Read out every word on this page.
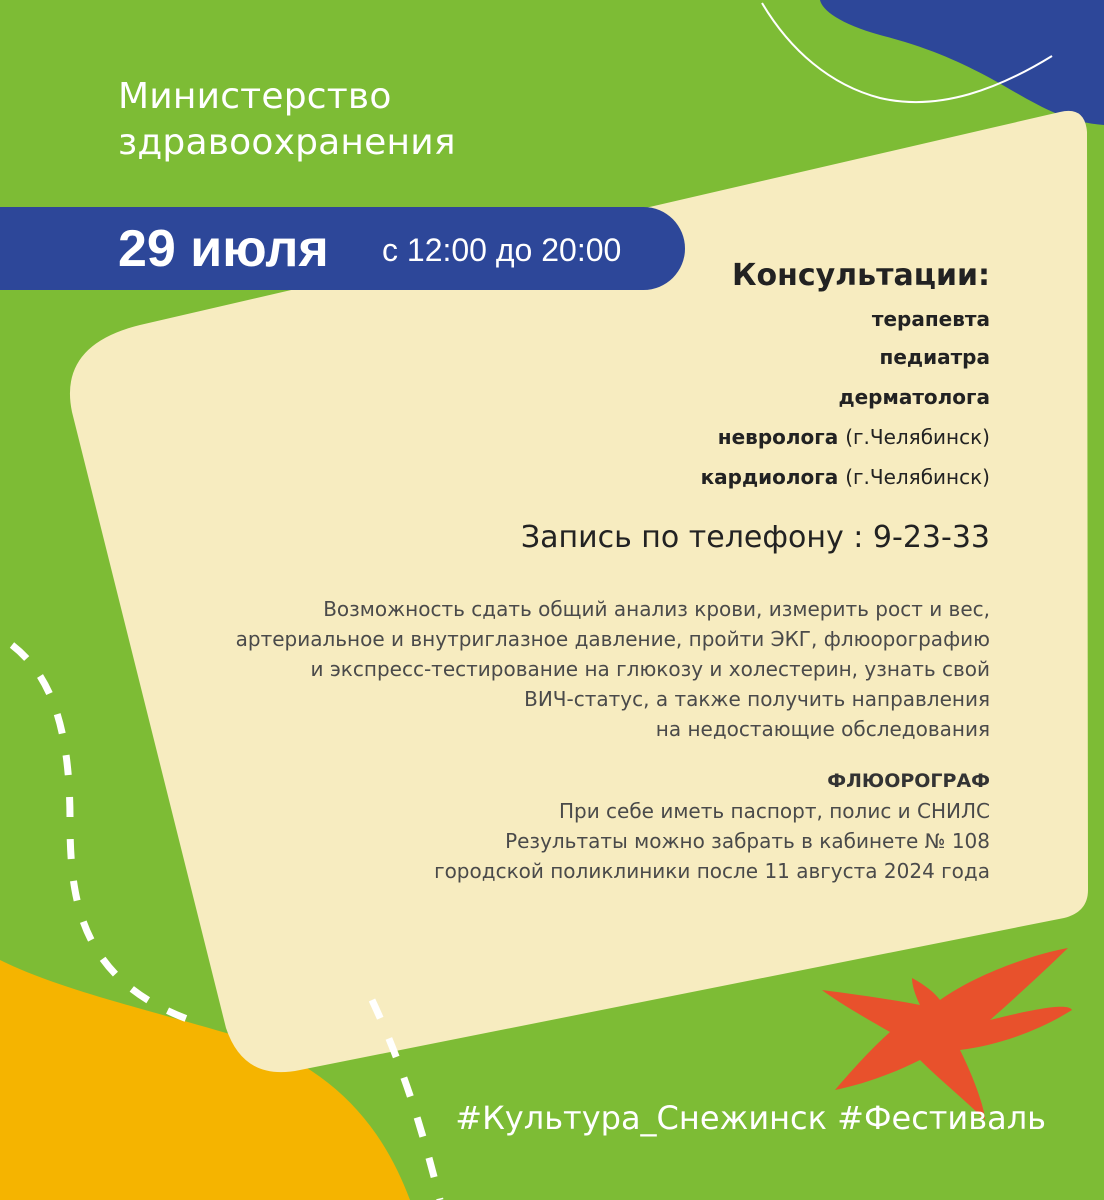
Министерство
здравоохранения
29 июля с 12:00 до 20:00
Консультации:
терапевта
педиатра
дерматолога
невролога (г.Челябинск)
кардиолога (г.Челябинск)
Запись по телефону : 9-23-33
Возможность сдать общий анализ крови, измерить рост и вес,
артериальное и внутриглазное давление, пройти ЭКГ, флюорографию
и экспресс-тестирование на глюкозу и холестерин, узнать свой
ВИЧ-статус, а также получить направления
на недостающие обследования
ФЛЮОРОГРАФ
При себе иметь паспорт, полис и СНИЛС
Результаты можно забрать в кабинете № 108
городской поликлиники после 11 августа 2024 года
#Культура_Снежинск #Фестиваль
